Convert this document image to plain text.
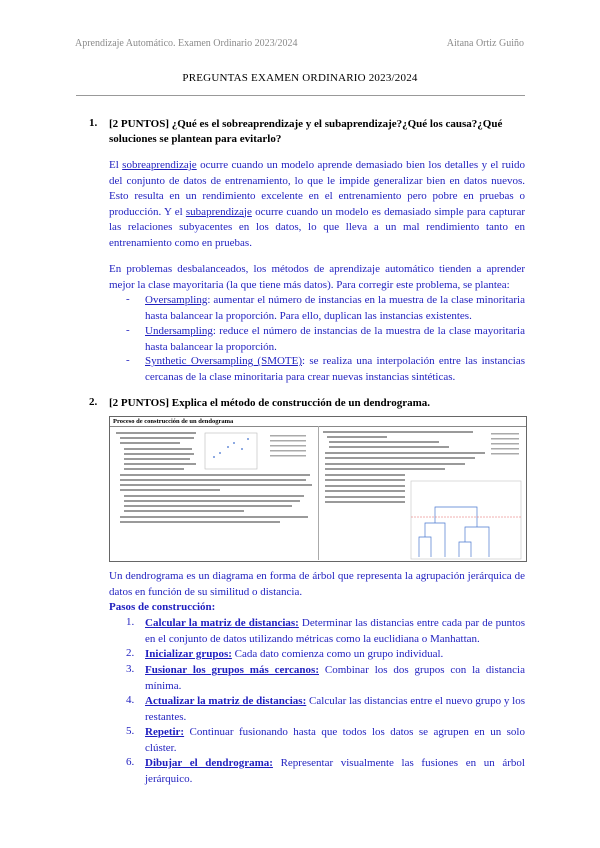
Aprendizaje Automático. Examen Ordinario 2023/2024	Aitana Ortiz Guiño
PREGUNTAS EXAMEN ORDINARIO 2023/2024
1. [2 PUNTOS] ¿Qué es el sobreaprendizaje y el subaprendizaje?¿Qué los causa?¿Qué soluciones se plantean para evitarlo?
El sobreaprendizaje ocurre cuando un modelo aprende demasiado bien los detalles y el ruido del conjunto de datos de entrenamiento, lo que le impide generalizar bien en datos nuevos. Esto resulta en un rendimiento excelente en el entrenamiento pero pobre en pruebas o producción. Y el subaprendizaje ocurre cuando un modelo es demasiado simple para capturar las relaciones subyacentes en los datos, lo que lleva a un mal rendimiento tanto en entrenamiento como en pruebas.
En problemas desbalanceados, los métodos de aprendizaje automático tienden a aprender mejor la clase mayoritaria (la que tiene más datos). Para corregir este problema, se plantea:
- Oversampling: aumentar el número de instancias en la muestra de la clase minoritaria hasta balancear la proporción. Para ello, duplican las instancias existentes.
- Undersampling: reduce el número de instancias de la muestra de la clase mayoritaria hasta balancear la proporción.
- Synthetic Oversampling (SMOTE): se realiza una interpolación entre las instancias cercanas de la clase minoritaria para crear nuevas instancias sintéticas.
2. [2 PUNTOS] Explica el método de construcción de un dendrograma.
Proceso de construcción de un dendograma
Un dendrograma es un diagrama en forma de árbol que representa la agrupación jerárquica de datos en función de su similitud o distancia.
Pasos de construcción:
1. Calcular la matriz de distancias: Determinar las distancias entre cada par de puntos en el conjunto de datos utilizando métricas como la euclidiana o Manhattan.
2. Inicializar grupos: Cada dato comienza como un grupo individual.
3. Fusionar los grupos más cercanos: Combinar los dos grupos con la distancia mínima.
4. Actualizar la matriz de distancias: Calcular las distancias entre el nuevo grupo y los restantes.
5. Repetir: Continuar fusionando hasta que todos los datos se agrupen en un solo clúster.
6. Dibujar el dendrograma: Representar visualmente las fusiones en un árbol jerárquico.
